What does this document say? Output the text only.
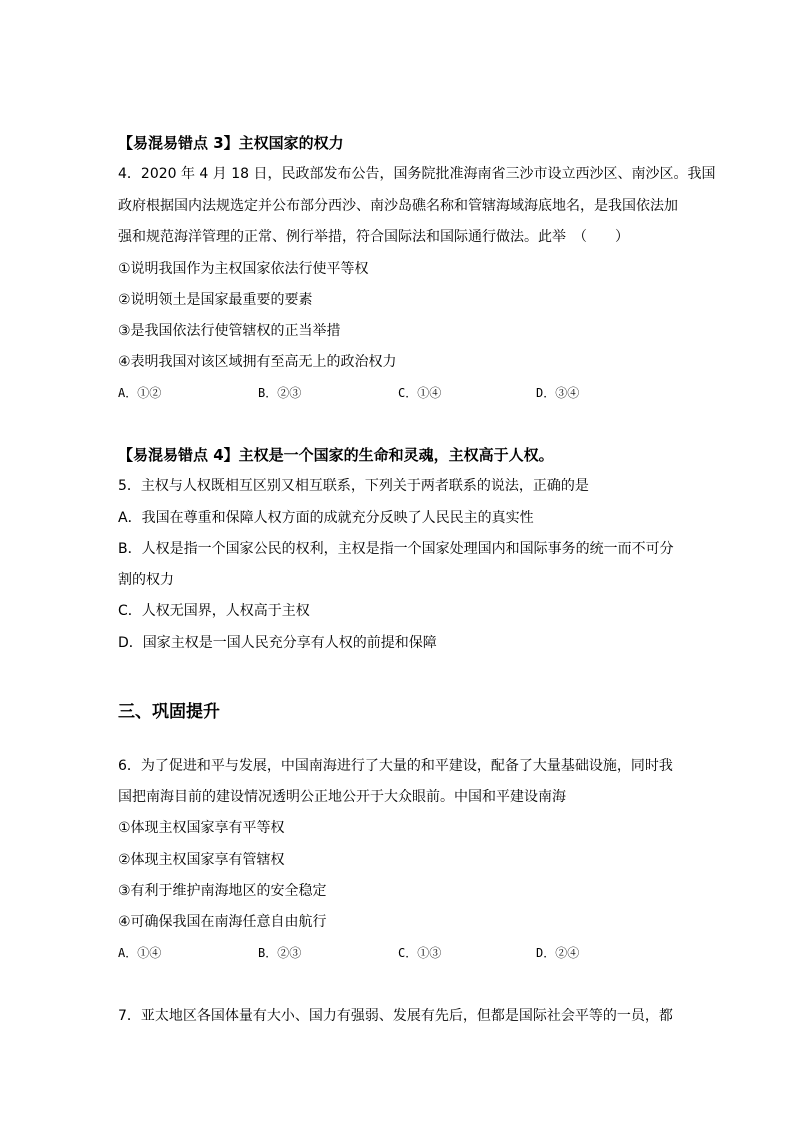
【易混易错点 3】主权国家的权力
4．2020 年 4 月 18 日，民政部发布公告，国务院批准海南省三沙市设立西沙区、南沙区。我国
政府根据国内法规选定并公布部分西沙、南沙岛礁名称和管辖海域海底地名，是我国依法加
强和规范海洋管理的正常、例行举措，符合国际法和国际通行做法。此举　（　　）
①说明我国作为主权国家依法行使平等权
②说明领土是国家最重要的要素
③是我国依法行使管辖权的正当举措
④表明我国对该区域拥有至高无上的政治权力
A．①②	B．②③	C．①④	D．③④
【易混易错点 4】主权是一个国家的生命和灵魂，主权高于人权。
5．主权与人权既相互区别又相互联系，下列关于两者联系的说法，正确的是
A．我国在尊重和保障人权方面的成就充分反映了人民民主的真实性
B．人权是指一个国家公民的权利，主权是指一个国家处理国内和国际事务的统一而不可分
割的权力
C．人权无国界，人权高于主权
D．国家主权是一国人民充分享有人权的前提和保障
三、巩固提升
6．为了促进和平与发展，中国南海进行了大量的和平建设，配备了大量基础设施，同时我
国把南海目前的建设情况透明公正地公开于大众眼前。中国和平建设南海
①体现主权国家享有平等权
②体现主权国家享有管辖权
③有利于维护南海地区的安全稳定
④可确保我国在南海任意自由航行
A．①④	B．②③	C．①③	D．②④
7．亚太地区各国体量有大小、国力有强弱、发展有先后，但都是国际社会平等的一员，都
